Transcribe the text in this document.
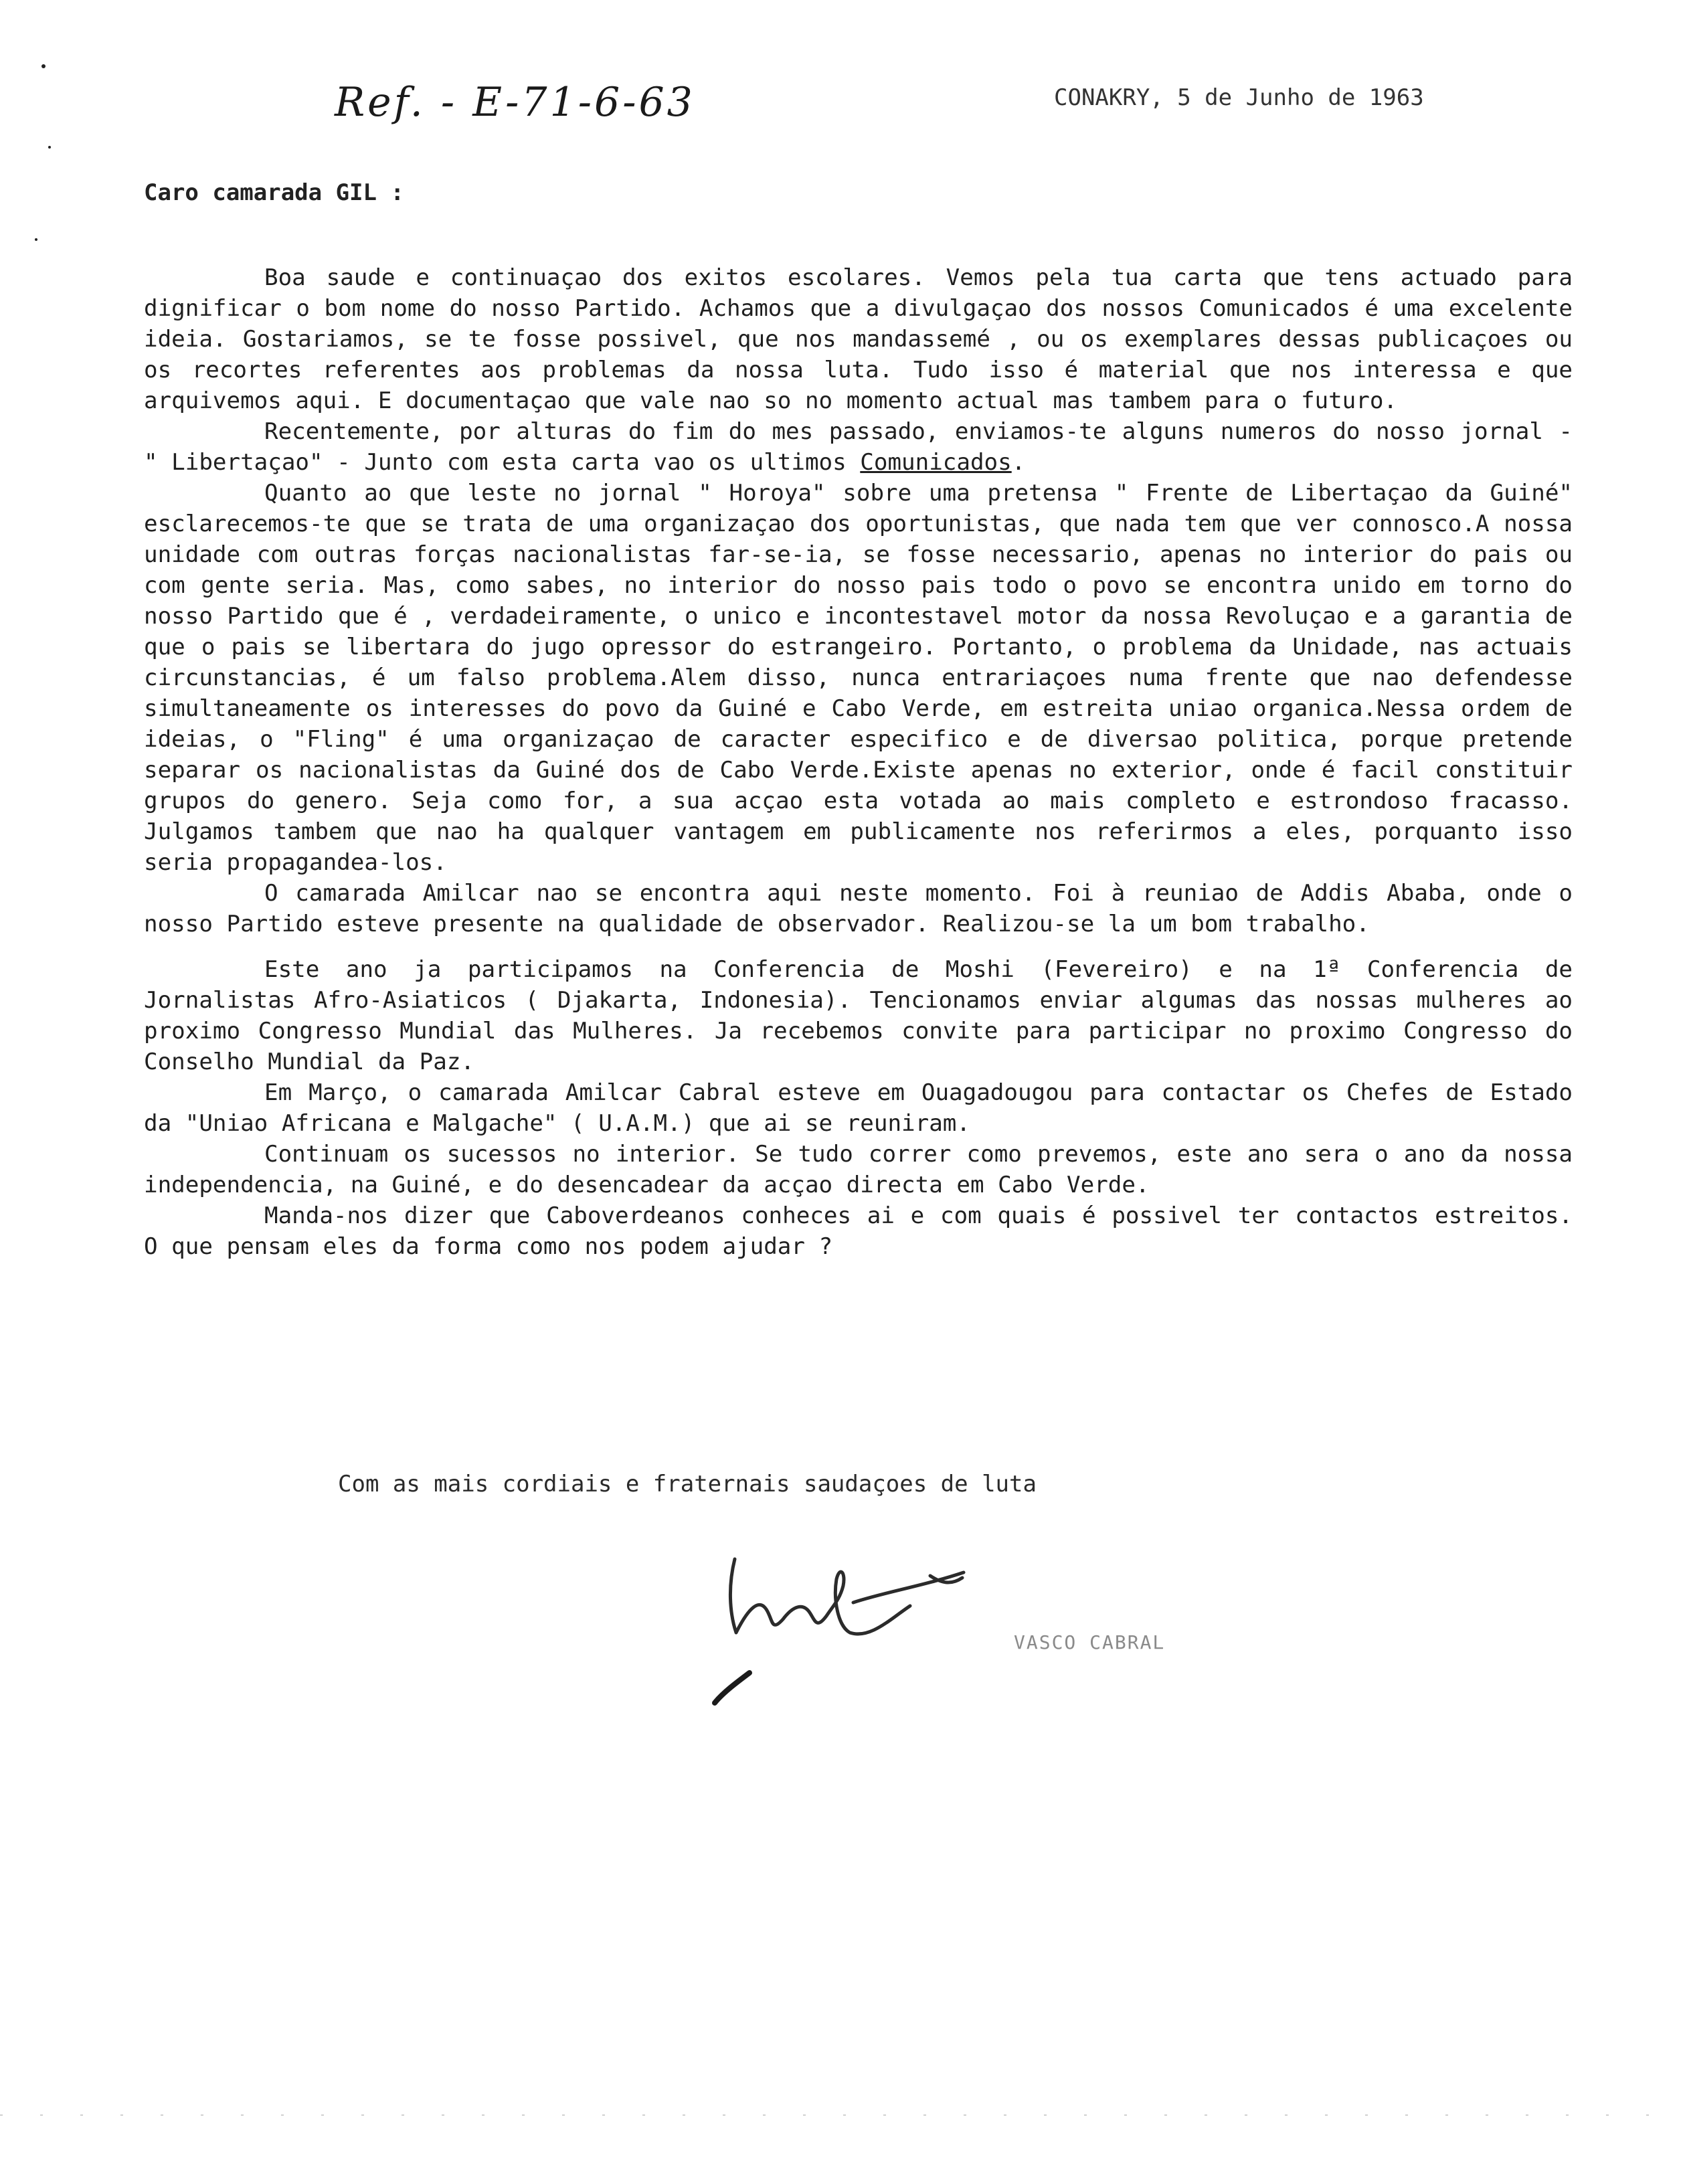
Ref. - E-71-6-63	CONAKRY, 5 de Junho de 1963
Caro camarada GIL :

Boa saude e continuaçao dos exitos escolares. Vemos pela tua carta que tens actuado para dignificar o bom nome do nosso Partido. Achamos que a divulgaçao dos nossos Comunicados é uma excelente ideia. Gostariamos, se te fosse possivel, que nos mandassemé , ou os exemplares dessas publicaçoes ou os recortes referentes aos problemas da nossa luta. Tudo isso é material que nos interessa e que arquivemos aqui. E documentaçao que vale nao so no momento actual mas tambem para o futuro.

Recentemente, por alturas do fim do mes passado, enviamos-te alguns numeros do nosso jornal - " Libertaçao" - Junto com esta carta vao os ultimos Comunicados.

Quanto ao que leste no jornal " Horoya" sobre uma pretensa " Frente de Libertaçao da Guiné" esclarecemos-te que se trata de uma organizaçao dos oportunistas, que nada tem que ver connosco.A nossa unidade com outras forças nacionalistas far-se-ia, se fosse necessario, apenas no interior do pais ou com gente seria. Mas, como sabes, no interior do nosso pais todo o povo se encontra unido em torno do nosso Partido que é , verdadeiramente, o unico e incontestavel motor da nossa Revoluçao e a garantia de que o pais se libertara do jugo opressor do estrangeiro. Portanto, o problema da Unidade, nas actuais circunstancias, é um falso problema.Alem disso, nunca entrariaçoes numa frente que nao defendesse simultaneamente os interesses do povo da Guiné e Cabo Verde, em estreita uniao organica.Nessa ordem de ideias, o "Fling" é uma organizaçao de caracter especifico e de diversao politica, porque pretende separar os nacionalistas da Guiné dos de Cabo Verde.Existe apenas no exterior, onde é facil constituir grupos do genero. Seja como for, a sua acçao esta votada ao mais completo e estrondoso fracasso. Julgamos tambem que nao ha qualquer vantagem em publicamente nos referirmos a eles, porquanto isso seria propagandea-los.

O camarada Amilcar nao se encontra aqui neste momento. Foi à reuniao de Addis Ababa, onde o nosso Partido esteve presente na qualidade de observador. Realizou-se la um bom trabalho.

Este ano ja participamos na Conferencia de Moshi (Fevereiro) e na 1ª Conferencia de Jornalistas Afro-Asiaticos ( Djakarta, Indonesia). Tencionamos enviar algumas das nossas mulheres ao proximo Congresso Mundial das Mulheres. Ja recebemos convite para participar no proximo Congresso do Conselho Mundial da Paz.

Em Março, o camarada Amilcar Cabral esteve em Ouagadougou para contactar os Chefes de Estado da "Uniao Africana e Malgache" ( U.A.M.) que ai se reuniram.

Continuam os sucessos no interior. Se tudo correr como prevemos, este ano sera o ano da nossa independencia, na Guiné, e do desencadear da acçao directa em Cabo Verde.

Manda-nos dizer que Caboverdeanos conheces ai e com quais é possivel ter contactos estreitos. O que pensam eles da forma como nos podem ajudar ?

Com as mais cordiais e fraternais saudaçoes de luta
VASCO CABRAL
